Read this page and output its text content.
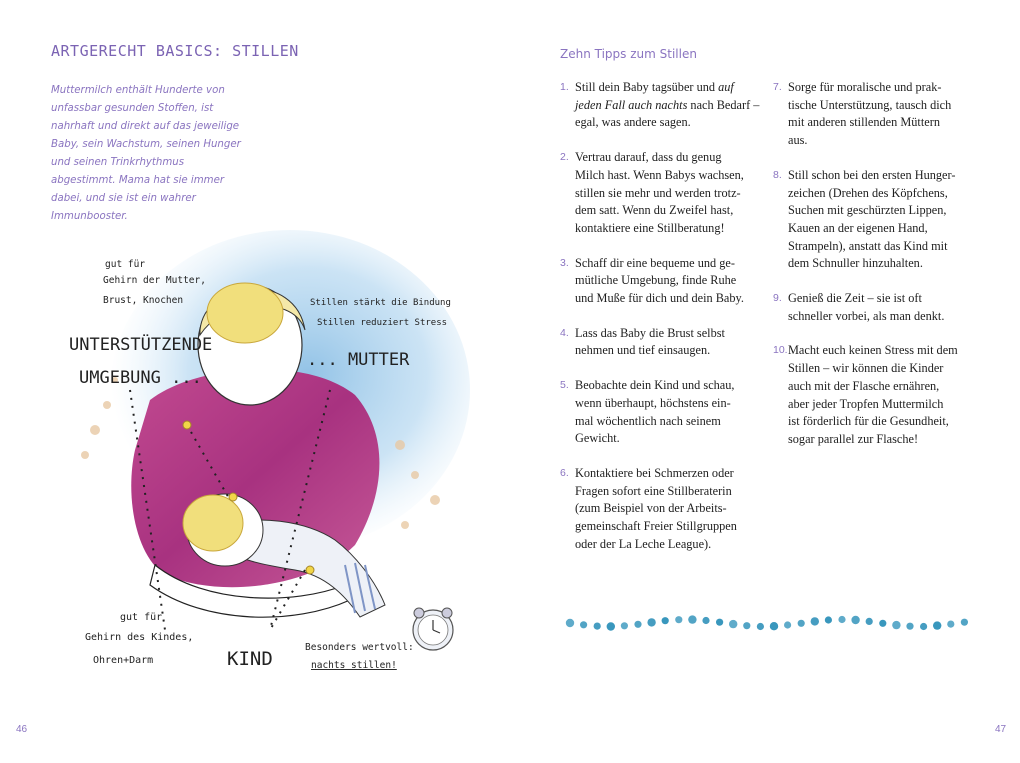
ARTGERECHT BASICS: STILLEN

Muttermilch enthält Hunderte von unfassbar gesunden Stoffen, ist nahrhaft und direkt auf das jeweilige Baby, sein Wachstum, seinen Hunger und seinen Trinkrhythmus abgestimmt. Mama hat sie immer dabei, und sie ist ein wahrer Immunbooster.

gut für
Gehirn der Mutter,
Brust, Knochen
UNTERSTÜTZENDE
UMGEBUNG ...
Stillen stärkt die Bindung
Stillen reduziert Stress
... MUTTER
gut für
Gehirn des Kindes,
Ohren+Darm	KIND
Besonders wertvoll:
nachts stillen!
46
Zehn Tipps zum Stillen
1. Still dein Baby tagsüber und auf
jeden Fall auch nachts nach Bedarf –
egal, was andere sagen.
2. Vertrau darauf, dass du genug
Milch hast. Wenn Babys wachsen,
stillen sie mehr und werden trotz-
dem satt. Wenn du Zweifel hast,
kontaktiere eine Stillberatung!
3. Schaff dir eine bequeme und ge-
mütliche Umgebung, finde Ruhe
und Muße für dich und dein Baby.
4. Lass das Baby die Brust selbst
nehmen und tief einsaugen.
5. Beobachte dein Kind und schau,
wenn überhaupt, höchstens ein-
mal wöchentlich nach seinem
Gewicht.
6. Kontaktiere bei Schmerzen oder
Fragen sofort eine Stillberaterin
(zum Beispiel von der Arbeits-
gemeinschaft Freier Stillgruppen
oder der La Leche League).
7. Sorge für moralische und prak-
tische Unterstützung, tausch dich
mit anderen stillenden Müttern
aus.
8. Still schon bei den ersten Hunger-
zeichen (Drehen des Köpfchens,
Suchen mit geschürzten Lippen,
Kauen an der eigenen Hand,
Strampeln), anstatt das Kind mit
dem Schnuller hinzuhalten.
9. Genieß die Zeit – sie ist oft
schneller vorbei, als man denkt.
10. Macht euch keinen Stress mit dem
Stillen – wir können die Kinder
auch mit der Flasche ernähren,
aber jeder Tropfen Muttermilch
ist förderlich für die Gesundheit,
sogar parallel zur Flasche!
47
